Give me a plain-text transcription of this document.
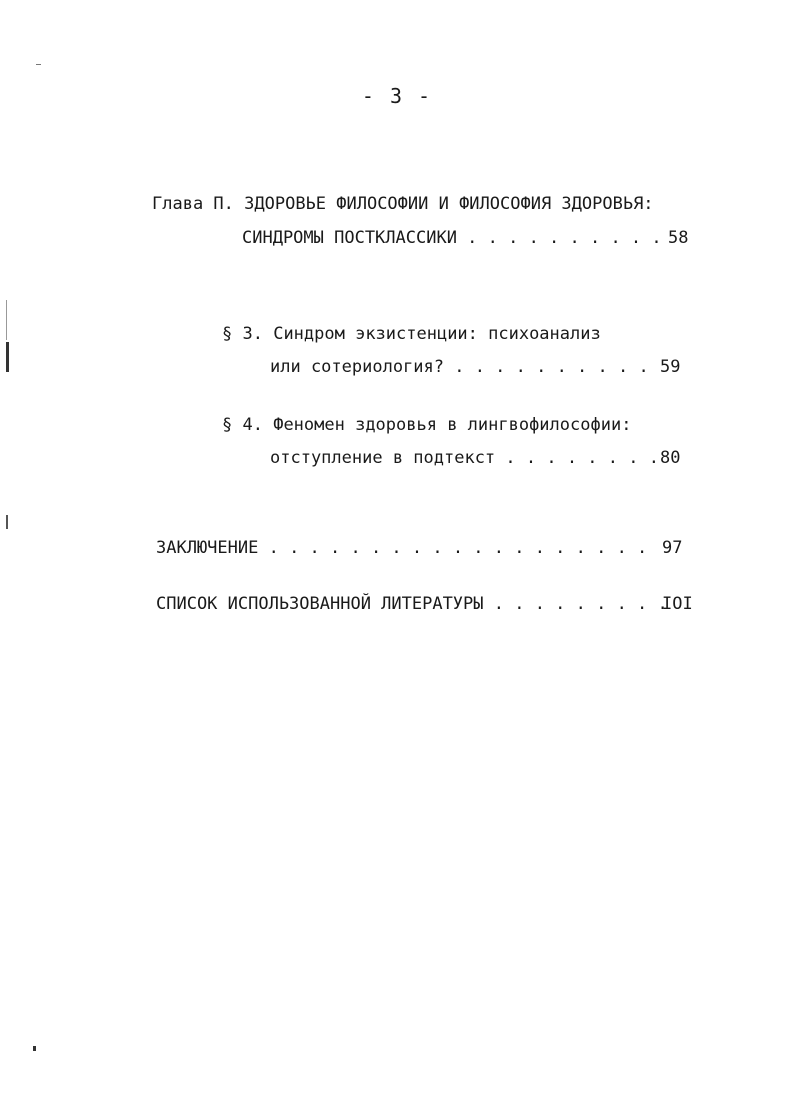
- 3 -
Глава П. ЗДОРОВЬЕ ФИЛОСОФИИ И ФИЛОСОФИЯ ЗДОРОВЬЯ:
СИНДРОМЫ ПОСТКЛАССИКИ . . . . . . . . . . 58
§ 3. Синдром экзистенции: психоанализ
или сотериология? . . . . . . . . . . 59
§ 4. Феномен здоровья в лингвофилософии:
отступление в подтекст . . . . . . . . 80
ЗАКЛЮЧЕНИЕ . . . . . . . . . . . . . . . . . . . 97
СПИСОК ИСПОЛЬЗОВАННОЙ ЛИТЕРАТУРЫ . . . . . . . . .
IOI
